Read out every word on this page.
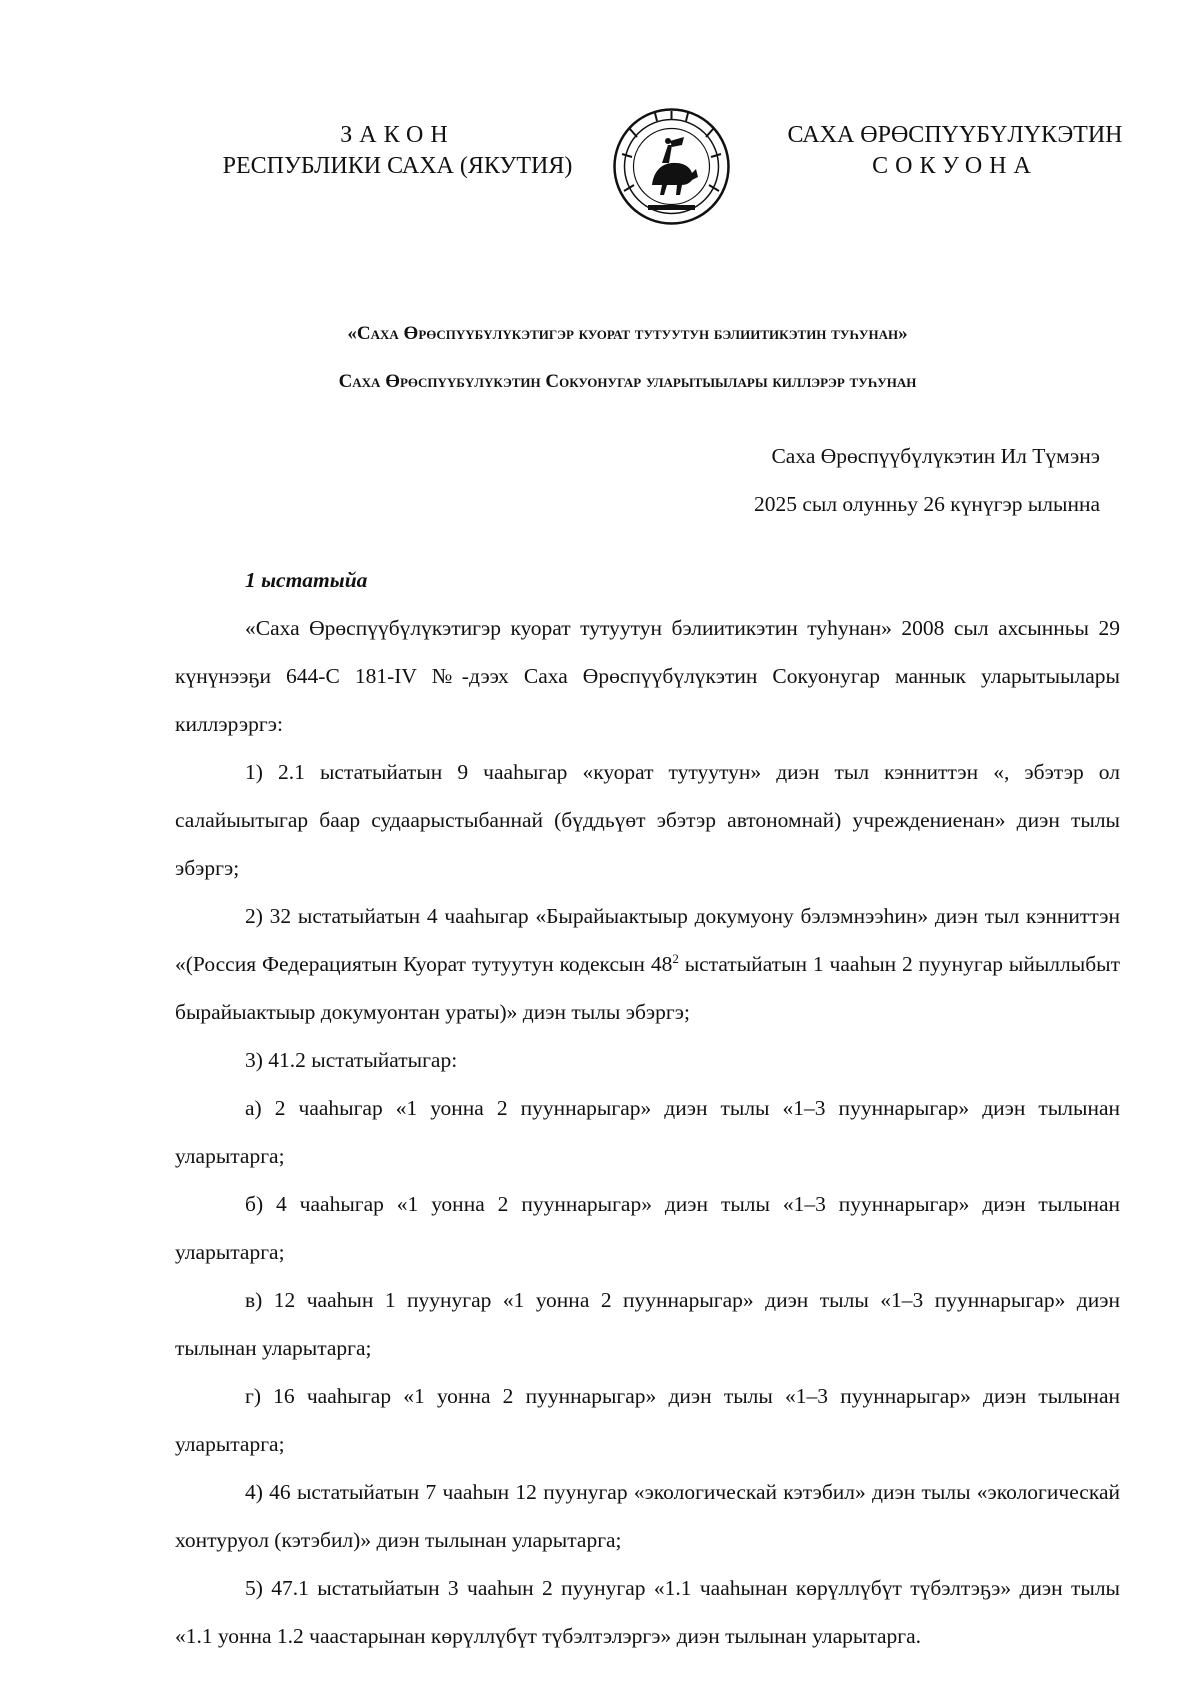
ЗАКОН
РЕСПУБЛИКИ САХА (ЯКУТИЯ)
САХА ӨРӨСПҮҮБҮЛҮКЭТИН
СОКУОНА
«Саха Өрөспүүбүлүкэтигэр куорат тутуутун бэлиитикэтин туһунан»
Саха Өрөспүүбүлүкэтин Сокуонугар уларытыылары киллэрэр туһунан
Саха Өрөспүүбүлүкэтин Ил Түмэнэ
2025 сыл олунньу 26 күнүгэр ылынна
1 ыстатыйа

«Саха Өрөспүүбүлүкэтигэр куорат тутуутун бэлиитикэтин туһунан» 2008 сыл ахсынньы 29 күнүнээҕи 644-С 181-IV №-дээх Саха Өрөспүүбүлүкэтин Сокуонугар маннык уларытыылары киллэрэргэ:

1) 2.1 ыстатыйатын 9 чааһыгар «куорат тутуутун» диэн тыл кэнниттэн «, эбэтэр ол салайыытыгар баар судаарыстыбаннай (бүддьүөт эбэтэр автономнай) учреждениенан» диэн тылы эбэргэ;

2) 32 ыстатыйатын 4 чааһыгар «Бырайыактыыр докумуону бэлэмнээһин» диэн тыл кэнниттэн «(Россия Федерациятын Куорат тутуутун кодексын $48^2$ ыстатыйатын 1 чааһын 2 пуунугар ыйыллыбыт бырайыактыыр докумуонтан ураты)» диэн тылы эбэргэ;

3) 41.2 ыстатыйатыгар:

а) 2 чааһыгар «1 уонна 2 пууннарыгар» диэн тылы «1–3 пууннарыгар» диэн тылынан уларытарга;

б) 4 чааһыгар «1 уонна 2 пууннарыгар» диэн тылы «1–3 пууннарыгар» диэн тылынан уларытарга;

в) 12 чааһын 1 пуунугар «1 уонна 2 пууннарыгар» диэн тылы «1–3 пууннарыгар» диэн тылынан уларытарга;

г) 16 чааһыгар «1 уонна 2 пууннарыгар» диэн тылы «1–3 пууннарыгар» диэн тылынан уларытарга;

4) 46 ыстатыйатын 7 чааһын 12 пуунугар «экологическай кэтэбил» диэн тылы «экологическай хонтуруол (кэтэбил)» диэн тылынан уларытарга;

5) 47.1 ыстатыйатын 3 чааһын 2 пуунугар «1.1 чааһынан көрүллүбүт түбэлтэҕэ» диэн тылы «1.1 уонна 1.2 чаастарынан көрүллүбүт түбэлтэлэргэ» диэн тылынан уларытарга.
